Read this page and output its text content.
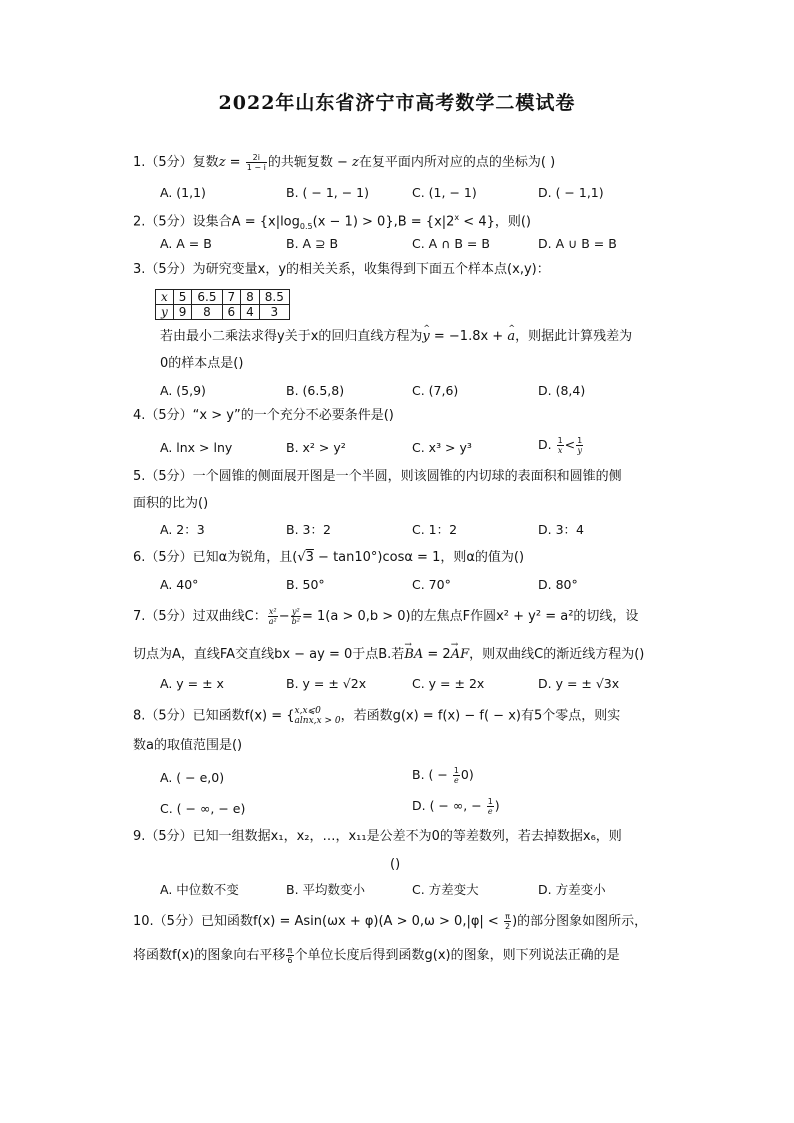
2022年山东省济宁市高考数学二模试卷
1.（5分）复数$z = \frac{2i}{1 - i}$ 的共轭复数 − z在复平面内所对应的点的坐标为( )
A. (1,1)	B. ( − 1, − 1)	C. (1, − 1)	D. ( − 1,1)
2.（5分）设集合$A = \{x|\log_{0.5}(x - 1) > 0\},B = \{x|2^x < 4\}$，则()
A. A = B	B. A ⊇ B	C. A ∩ B = B	D. A ∪ B = B
3.（5分）为研究变量x，y的相关关系，收集得到下面五个样本点(x,y)：
x	5	6.5	7	8	8.5
y	9	8	6	4	3
若由最小二乘法求得y关于x的回归直线方程为^ y = −1.8x + ^ a，则据此计算残差为
0的样本点是()
A. (5,9)	B. (6.5,8)	C. (7,6)	D. (8,4)
4.（5分）“x > y”的一个充分不必要条件是()
A. lnx > lny	B. x² > y²	C. x³ > y³	D. $\frac{1}{x} < \frac{1}{y}$
5.（5分）一个圆锥的侧面展开图是一个半圆，则该圆锥的内切球的表面积和圆锥的侧
面积的比为()
A. 2：3	B. 3：2	C. 1：2	D. 3：4
6.（5分）已知α为锐角，且(√3 − tan10°)cosα = 1，则α的值为()
A. 40°	B. 50°	C. 70°	D. 80°
7.（5分）过双曲线C： $\frac{\text{x²}}{\text{a²}} - \frac{\text{y²}}{\text{b²}} = 1(a > 0,b > 0)$的左焦点F作圆x² + y² = a²的切线，设
切点为A，直线FA交直线bx − ay = 0于点B.若→ BA = 2→ AF，则双曲线C的渐近线方程为()
A. y = ± x	B. y = ± √2x	C. y = ± 2x	D. y = ± √3x
8.（5分）已知函数f(x) = { x,x⩽0
alnx,x > 0 ，若函数g(x) = f(x) − f( − x)有5个零点，则实
数a的取值范围是()
A. ( − e,0)	B. ( − $\frac{1}{e} 0$)
C. ( − ∞, − e)	D. ( − ∞, − $\frac{1}{e}$ )
9.（5分）已知一组数据x₁，x₂，…，x₁₁是公差不为0的等差数列，若去掉数据x₆，则
()
A. 中位数不变	B. 平均数变小	C. 方差变大	D. 方差变小
10.（5分）已知函数$f(x) = Asin(\omega x + \varphi)(A > 0,\omega > 0,|\varphi| < \frac{\pi}{2}$ )的部分图象如图所示，
将函数f(x)的图象向右平移 $\frac{\pi}{6}$ 个单位长度后得到函数g(x)的图象，则下列说法正确的是
